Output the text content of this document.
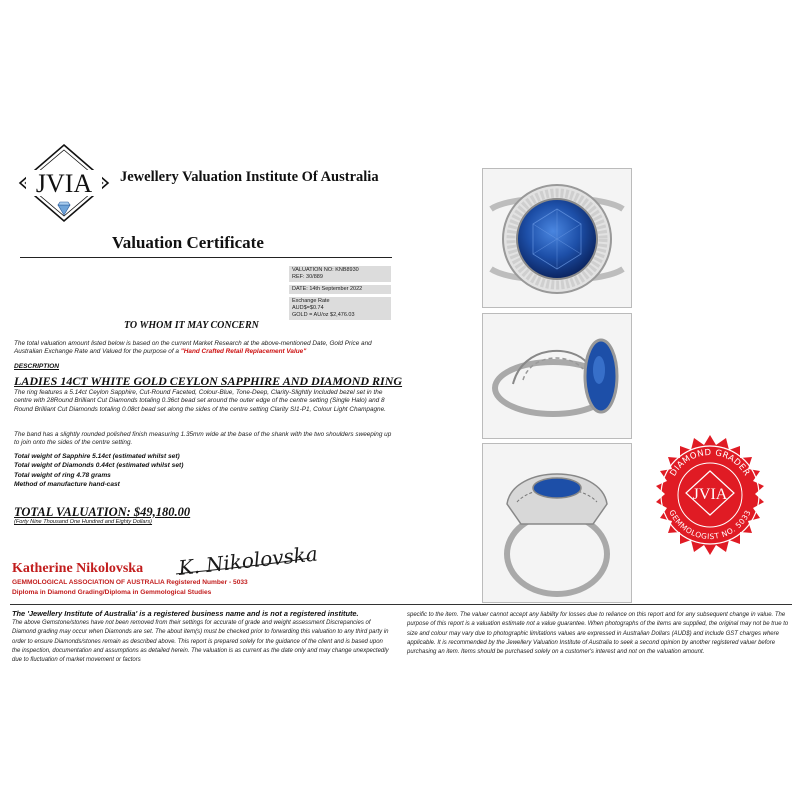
JVIA Jewellery Valuation Institute Of Australia
Valuation Certificate
VALUATION NO: KNB8930
REF: 30/889
DATE: 14th September 2022
Exchange Rate
AUD$=$0.74
GOLD = AU/oz $2,476.03
TO WHOM IT MAY CONCERN
The total valuation amount listed below is based on the current Market Research at the above-mentioned Date, Gold Price and Australian Exchange Rate and Valued for the purpose of a "Hand Crafted Retail Replacement Value"
DESCRIPTION
LADIES 14CT WHITE GOLD CEYLON SAPPHIRE AND DIAMOND RING
The ring features a 5.14ct Ceylon Sapphire, Cut-Round Faceted, Colour-Blue, Tone-Deep, Clarity-Slightly Included bezel set in the centre with 28Round Brilliant Cut Diamonds totaling 0.36ct bead set around the outer edge of the centre setting (Single Halo) and 8 Round Brilliant Cut Diamonds totaling 0.08ct bead set along the sides of the centre setting Clarity SI1-P1, Colour Light Champagne.
The band has a slightly rounded polished finish measuring 1.35mm wide at the base of the shank with the two shoulders sweeping up to join onto the sides of the centre setting.
Total weight of Sapphire 5.14ct (estimated whilst set)
Total weight of Diamonds 0.44ct (estimated whilst set)
Total weight of ring 4.78 grams
Method of manufacture hand-cast
TOTAL VALUATION: $49,180.00
(Forty Nine Thousand One Hundred and Eighty Dollars)
Katherine Nikolovska K. Nikolovska
GEMMOLOGICAL ASSOCIATION OF AUSTRALIA Registered Number - 5033
Diploma in Diamond Grading/Diploma in Gemmological Studies
The 'Jewellery Institute of Australia' is a registered business name and is not a registered institute.
The above Gemstone/stones have not been removed from their settings for accurate of grade and weight assessment Discrepancies of Diamond grading may occur when Diamonds are set. The about item(s) must be checked prior to forwarding this valuation to any third party in order to ensure Diamonds/stones remain as described above. This report is prepared solely for the guidance of the client and is based upon the inspection, documentation and assumptions as detailed herein. The valuation is as current as the date only and may change unexpectedly due to fluctuation of market movement or factors
specific to the item. The valuer cannot accept any liability for losses due to reliance on this report and for any subsequent change in value. The purpose of this report is a valuation estimate not a value guarantee. When photographs of the items are supplied, the original may not be true to size and colour may vary due to photographic limitations values are expressed in Australian Dollars (AUD$) and include GST charges where applicable. It is recommended by the Jewellery Valuation Institute of Australia to seek a second opinion by another registered valuer before purchasing an item. Items should be purchased solely on a customer's interest and not on the valuation amount.
DIAMOND GRADER
GEMMOLOGIST NO. 5033
JVIA
